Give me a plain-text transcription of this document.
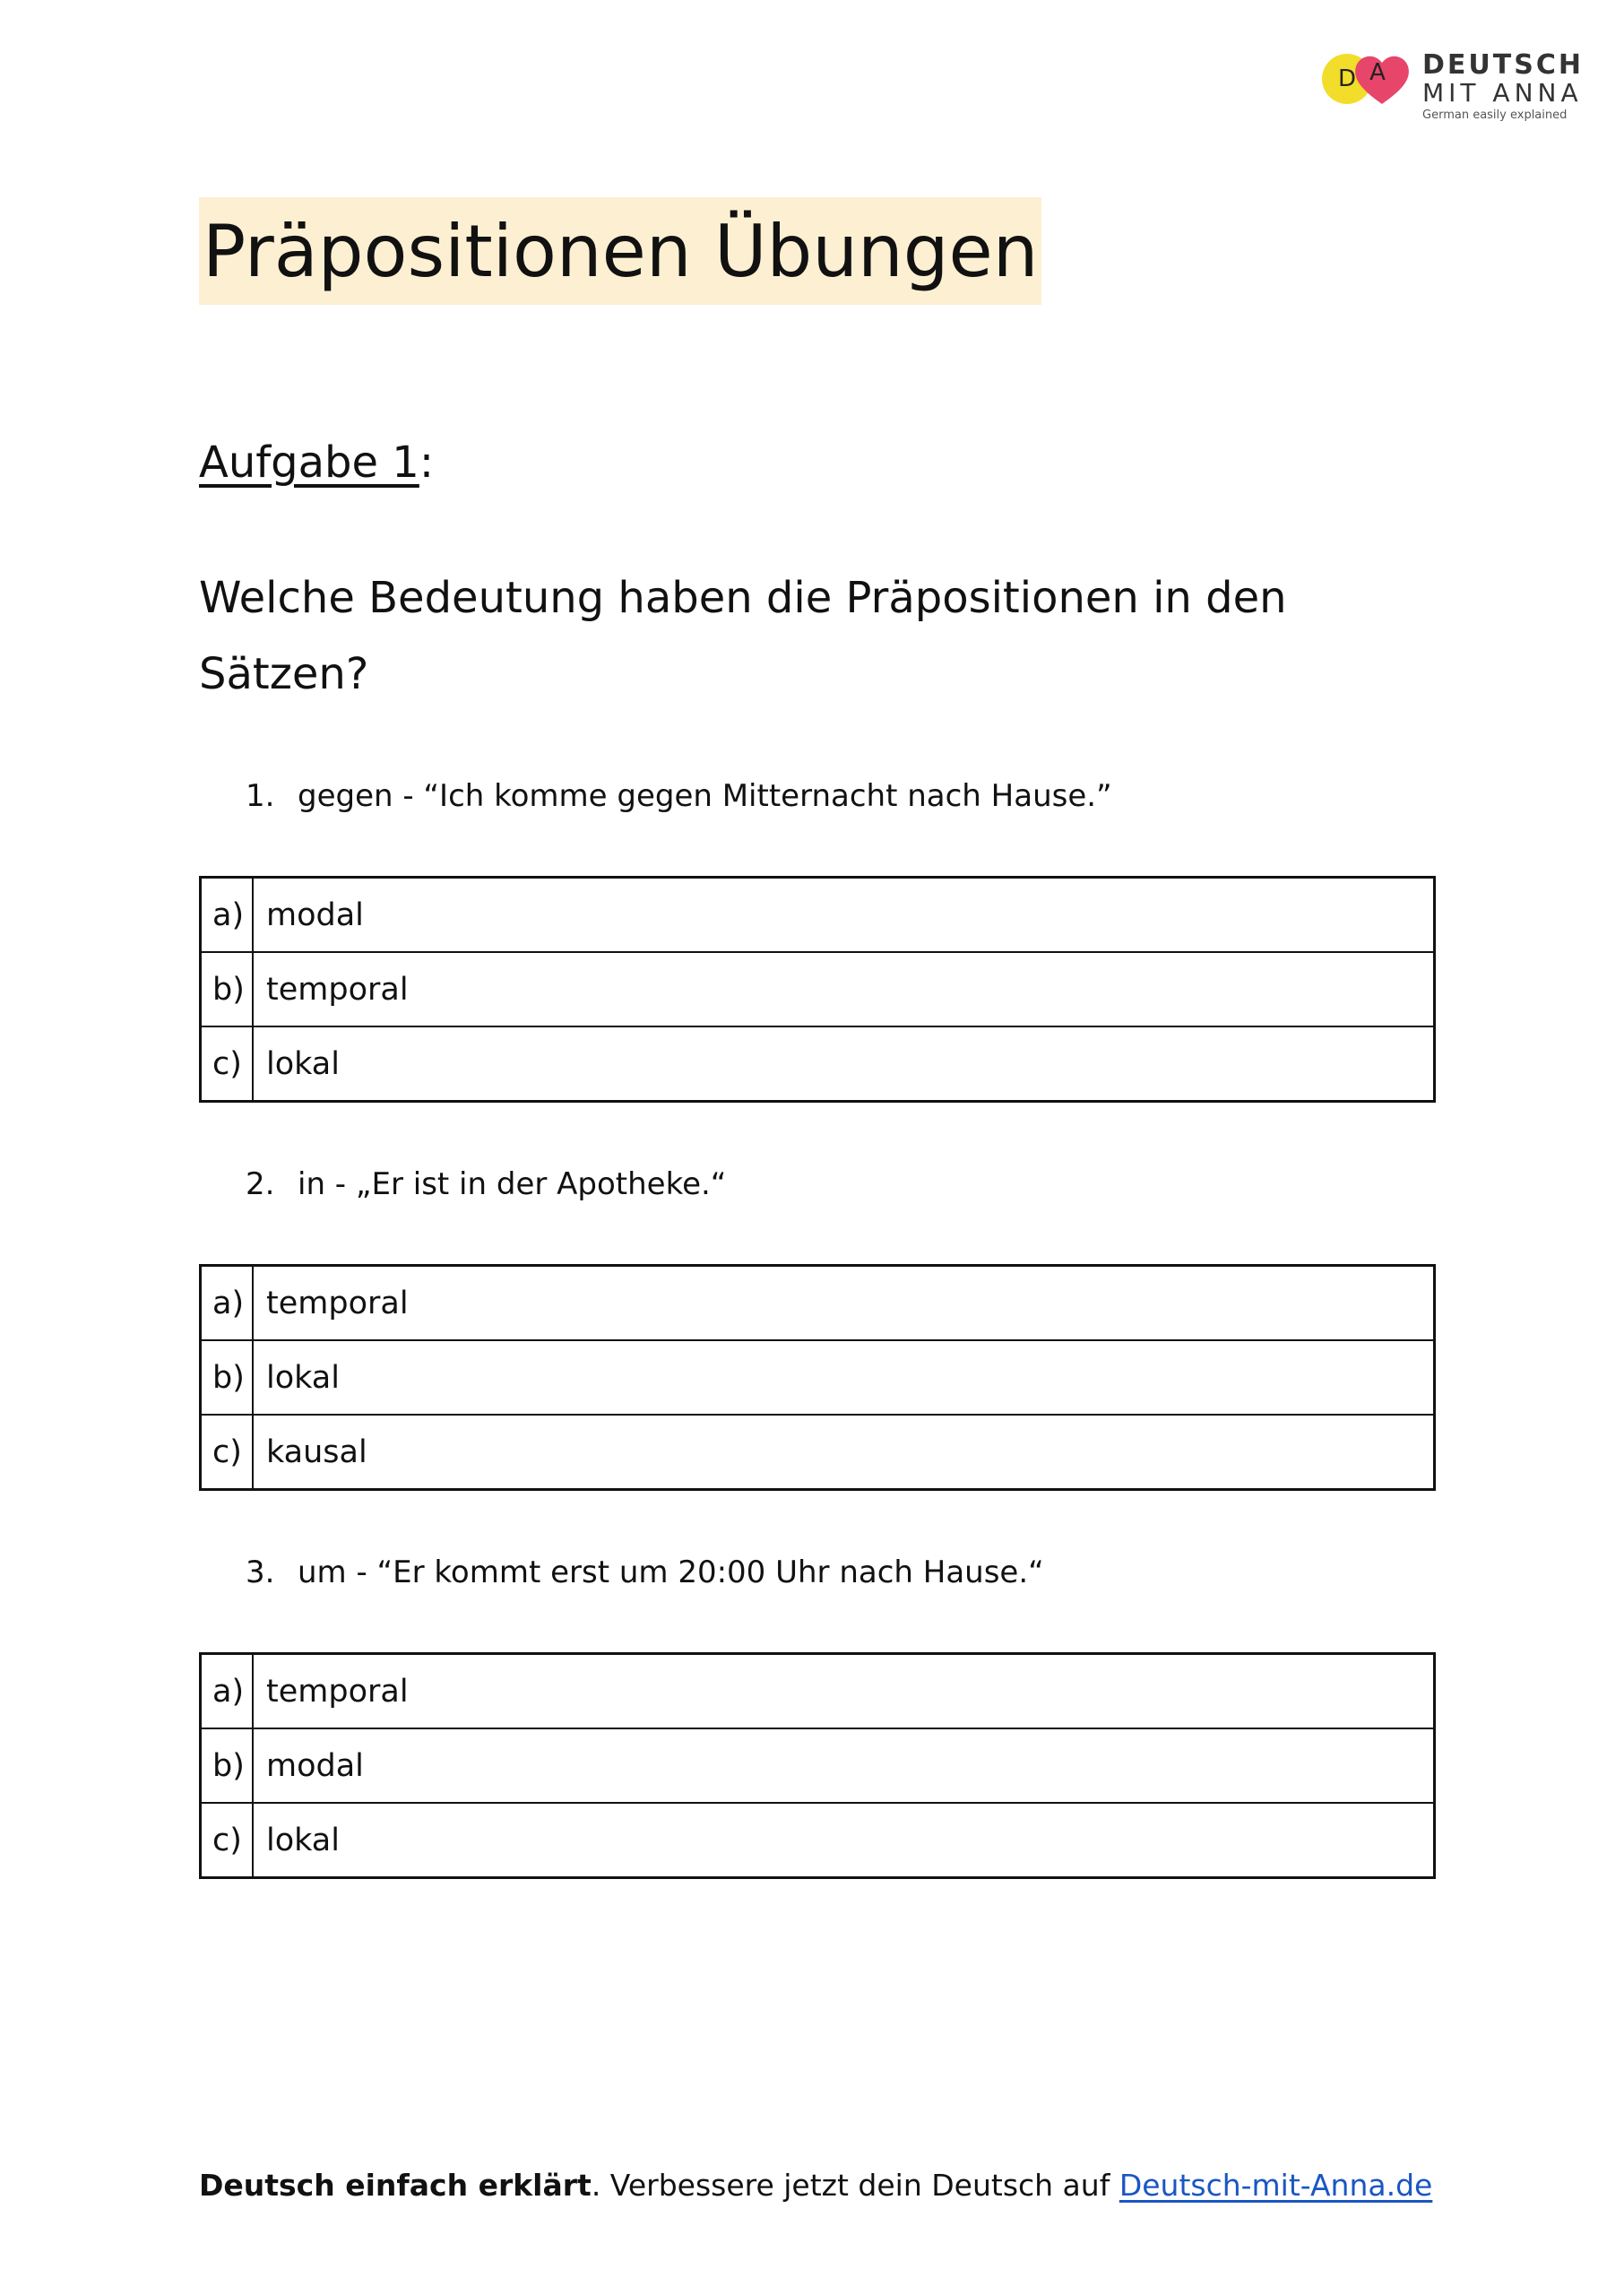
D A	DEUTSCH
MIT ANNA
German easily explained
Präpositionen Übungen
Aufgabe 1:
Welche Bedeutung haben die Präpositionen in den
Sätzen?
1. gegen - “Ich komme gegen Mitternacht nach Hause.”
a)	modal
b)	temporal
c)	lokal
2. in - „Er ist in der Apotheke.“
a)	temporal
b)	lokal
c)	kausal
3. um - “Er kommt erst um 20:00 Uhr nach Hause.“
a)	temporal
b)	modal
c)	lokal
Deutsch einfach erklärt. Verbessere jetzt dein Deutsch auf Deutsch-mit-Anna.de
